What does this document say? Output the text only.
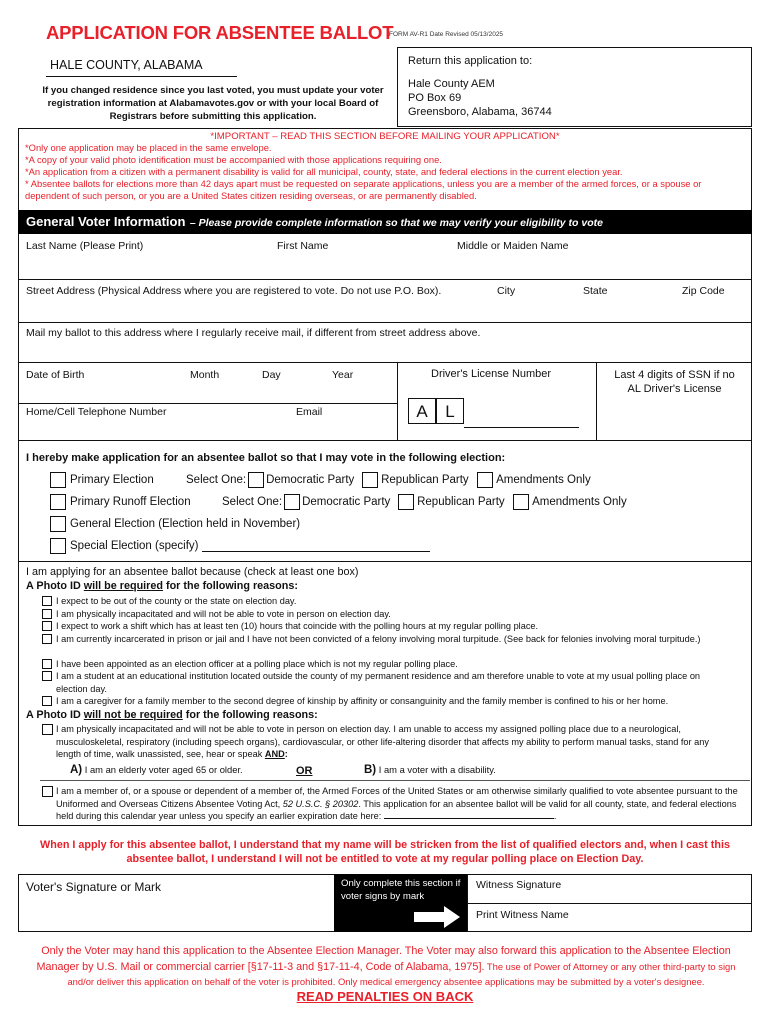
APPLICATION FOR ABSENTEE BALLOT
FORM AV-R1 Date Revised 05/13/2025
HALE COUNTY, ALABAMA
If you changed residence since you last voted, you must update your voter registration information at Alabamavotes.gov or with your local Board of Registrars before submitting this application.
Return this application to:
Hale County AEM
PO Box 69
Greensboro, Alabama, 36744
*IMPORTANT – READ THIS SECTION BEFORE MAILING YOUR APPLICATION*
*Only one application may be placed in the same envelope.
*A copy of your valid photo identification must be accompanied with those applications requiring one.
*An application from a citizen with a permanent disability is valid for all municipal, county, state, and federal elections in the current election year.
* Absentee ballots for elections more than 42 days apart must be requested on separate applications, unless you are a member of the armed forces, or a spouse or dependent of such person, or you are a United States citizen residing overseas, or are permanently disabled.
General Voter Information – Please provide complete information so that we may verify your eligibility to vote
Last Name (Please Print)	First Name	Middle or Maiden Name
Street Address (Physical Address where you are registered to vote. Do not use P.O. Box).	City	State	Zip Code
Mail my ballot to this address where I regularly receive mail, if different from street address above.
Date of Birth	Month	Day	Year	Driver's License Number
A	L
Last 4 digits of SSN if no AL Driver's License
Home/Cell Telephone Number	Email
I hereby make application for an absentee ballot so that I may vote in the following election:
Primary Election	Select One: Democratic Party	Republican Party	Amendments Only
Primary Runoff Election	Select One: Democratic Party	Republican Party	Amendments Only
General Election (Election held in November)
Special Election (specify)
I am applying for an absentee ballot because (check at least one box)
A Photo ID will be required for the following reasons:
I expect to be out of the county or the state on election day.
I am physically incapacitated and will not be able to vote in person on election day.
I expect to work a shift which has at least ten (10) hours that coincide with the polling hours at my regular polling place.
I am currently incarcerated in prison or jail and I have not been convicted of a felony involving moral turpitude. (See back for felonies involving moral turpitude.)
I have been appointed as an election officer at a polling place which is not my regular polling place.
I am a student at an educational institution located outside the county of my permanent residence and am therefore unable to vote at my usual polling place on election day.
I am a caregiver for a family member to the second degree of kinship by affinity or consanguinity and the family member is confined to his or her home.
A Photo ID will not be required for the following reasons:
I am physically incapacitated and will not be able to vote in person on election day. I am unable to access my assigned polling place due to a neurological, musculoskeletal, respiratory (including speech organs), cardiovascular, or other life-altering disorder that affects my ability to perform manual tasks, stand for any length of time, walk unassisted, see, hear or speak AND:
A) I am an elderly voter aged 65 or older.	OR	B) I am a voter with a disability.
I am a member of, or a spouse or dependent of a member of, the Armed Forces of the United States or am otherwise similarly qualified to vote absentee pursuant to the Uniformed and Overseas Citizens Absentee Voting Act, 52 U.S.C. § 20302. This application for an absentee ballot will be valid for all county, state, and federal elections held during this calendar year unless you specify an earlier expiration date here:	.
When I apply for this absentee ballot, I understand that my name will be stricken from the list of qualified electors and, when I cast this absentee ballot, I understand I will not be entitled to vote at my regular polling place on Election Day.
Voter's Signature or Mark	Only complete this section if voter signs by mark
Witness Signature
Print Witness Name
Only the Voter may hand this application to the Absentee Election Manager. The Voter may also forward this application to the Absentee Election Manager by U.S. Mail or commercial carrier [§17-11-3 and §17-11-4, Code of Alabama, 1975]. The use of Power of Attorney or any other third-party to sign and/or deliver this application on behalf of the voter is prohibited. Only medical emergency absentee applications may be submitted by a voter's designee.
READ PENALTIES ON BACK
